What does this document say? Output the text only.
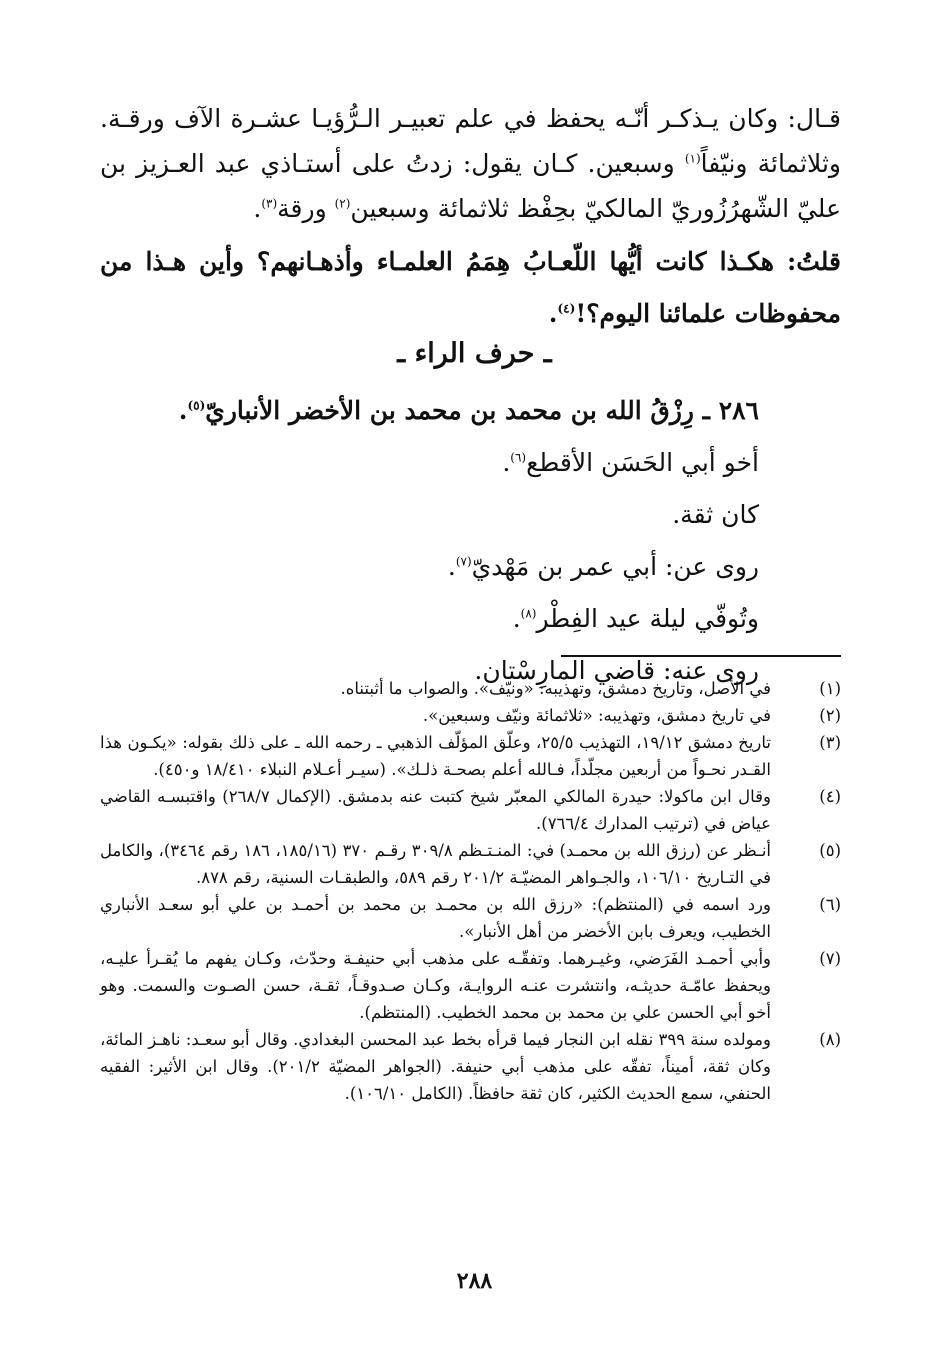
قـال: وكان يـذكـر أنّـه يحفظ في علم تعبيـر الـرُّؤيـا عشـرة الآف ورقـة. وثلاثمائة ونيّفاً$^{(١)}$ وسبعين. كـان يقول: زدتُ على أستـاذي عبد العـزيز بن عليّ الشّهرُزُوريّ المالكيّ بحِفْظ ثلاثمائة وسبعين$^{(٢)}$ ورقة$^{(٣)}$.

قلتُ: هكـذا كانت أيُّها اللّعـابُ هِمَمُ العلمـاء وأذهـانهم؟ وأين هـذا من محفوظات علمائنا اليوم؟!$^{(٤)}$.
ـ حرف الراء ـ
٢٨٦ ـ رِزْقُ الله بن محمد بن محمد بن الأخضر الأنباريّ$^{(٥)}$.
أخو أبي الحَسَن الأقطع$^{(٦)}$.
كان ثقة.
روى عن: أبي عمر بن مَهْديّ$^{(٧)}$.
وتُوفّي ليلة عيد الفِطْر$^{(٨)}$.
روى عنه: قاضي المارِسْتان.
(١)
في الأصل، وتاريخ دمشق، وتهذيبه: «ونيّف». والصواب ما أثبتناه.
(٢)
في تاريخ دمشق، وتهذيبه: «ثلاثمائة ونيّف وسبعين».
(٣)
تاريخ دمشق ١٩/١٢، التهذيب ٢٥/٥، وعلّق المؤلّف الذهبي ـ رحمه الله ـ على ذلك بقوله: «يكـون هذا القـدر نحـواً من أربعين مجلّداً، فـالله أعلم بصحـة ذلـك». (سيـر أعـلام النبلاء ١٨/٤١٠ و٤٥٠).
(٤)
وقال ابن ماكولا: حيدرة المالكي المعبّر شيخ كتبت عنه بدمشق. (الإكمال ٢٦٨/٧) واقتبسـه القاضي عياض في (ترتيب المدارك ٧٦٦/٤).
(٥)
أنـظر عن (رزق الله بن محمـد) في: المنـتـظم ٣٠٩/٨ رقـم ٣٧٠ (١٨٥/١٦، ١٨٦ رقم ٣٤٦٤)، والكامل في التـاريخ ١٠٦/١٠، والجـواهر المضيّـة ٢٠١/٢ رقم ٥٨٩، والطبقـات السنية، رقم ٨٧٨.
(٦)
ورد اسمه في (المنتظم): «رزق الله بن محمـد بن محمد بن أحمـد بن علي أبو سعـد الأنباري الخطيب، ويعرف بابن الأخضر من أهل الأنبار».
(٧)
وأبي أحمـد الفَرَضي، وغيـرهما. وتفقّـه على مذهب أبي حنيفـة وحدّث، وكـان يفهم ما يُقـرأ عليـه، ويحفظ عامّـة حديثـه، وانتشرت عنـه الروايـة، وكـان صـدوقـاً، ثقـة، حسن الصـوت والسمت. وهو أخو أبي الحسن علي بن محمد بن محمد الخطيب. (المنتظم).
(٨)
ومولده سنة ٣٩٩ نقله ابن النجار فيما قرأه بخط عبد المحسن البغدادي. وقال أبو سعـد: ناهـز المائة، وكان ثقة، أميناً، تفقّه على مذهب أبي حنيفة. (الجواهر المضيّة ٢٠١/٢). وقال ابن الأثير: الفقيه الحنفي، سمع الحديث الكثير، كان ثقة حافظاً. (الكامل ١٠٦/١٠).
٢٨٨
